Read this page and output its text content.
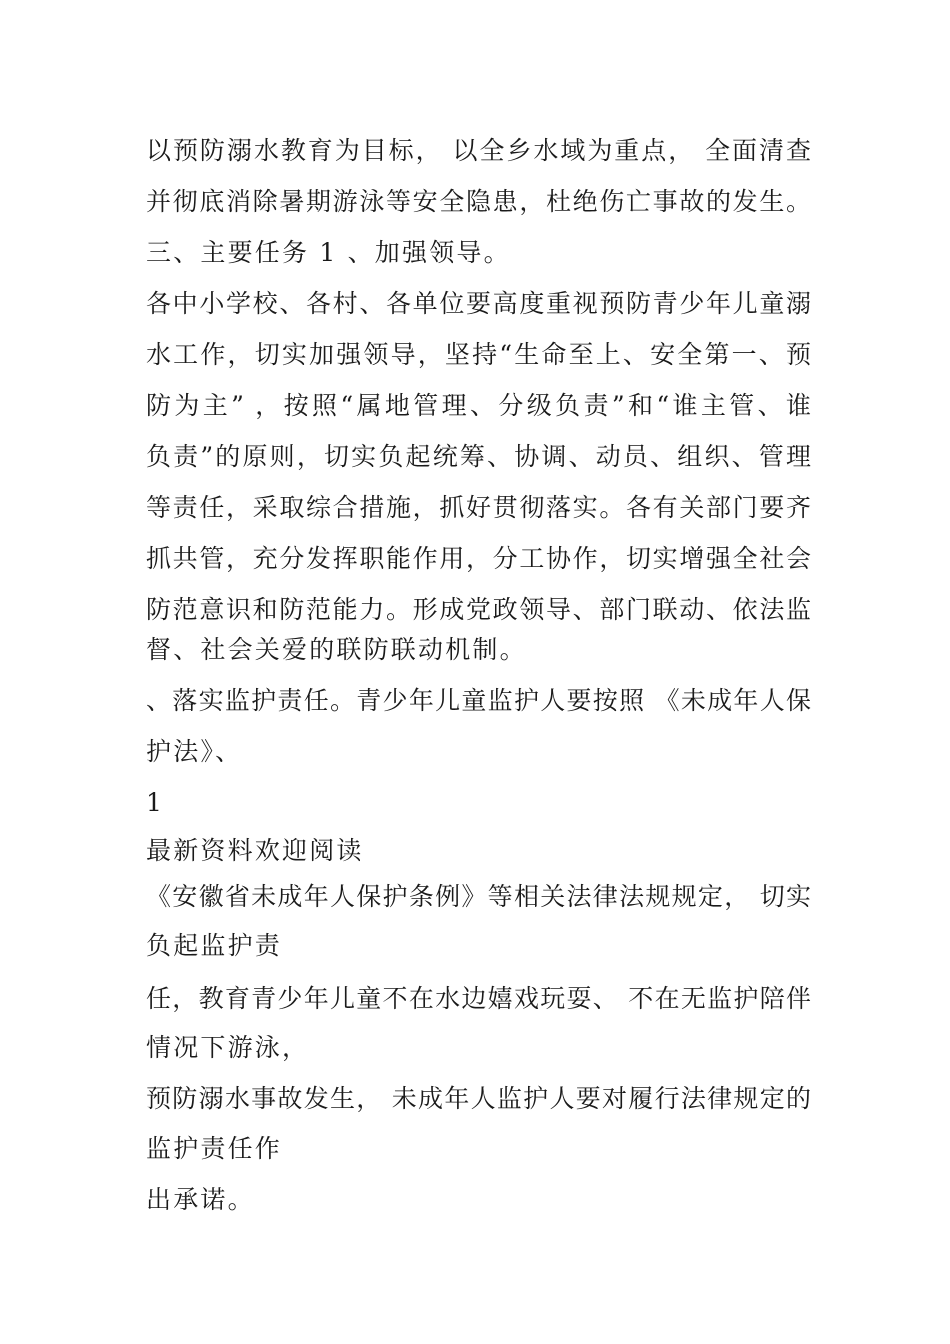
以预防溺水教育为目标， 以全乡水域为重点， 全面清查
并彻底消除暑期游泳等安全隐患，杜绝伤亡事故的发生。
三、主要任务 1 、加强领导。
各中小学校、各村、各单位要高度重视预防青少年儿童溺
水工作，切实加强领导，坚持“生命至上、安全第一、预
防为主” ，按照“属地管理、分级负责”和“谁主管、谁
负责”的原则，切实负起统筹、协调、动员、组织、管理
等责任，采取综合措施，抓好贯彻落实。各有关部门要齐
抓共管，充分发挥职能作用，分工协作，切实增强全社会
防范意识和防范能力。形成党政领导、部门联动、依法监
督、社会关爱的联防联动机制。
、落实监护责任。青少年儿童监护人要按照 《未成年人保
护法》、
1
最新资料欢迎阅读
《安徽省未成年人保护条例》等相关法律法规规定， 切实
负起监护责
任，教育青少年儿童不在水边嬉戏玩耍、 不在无监护陪伴
情况下游泳，
预防溺水事故发生， 未成年人监护人要对履行法律规定的
监护责任作
出承诺。
